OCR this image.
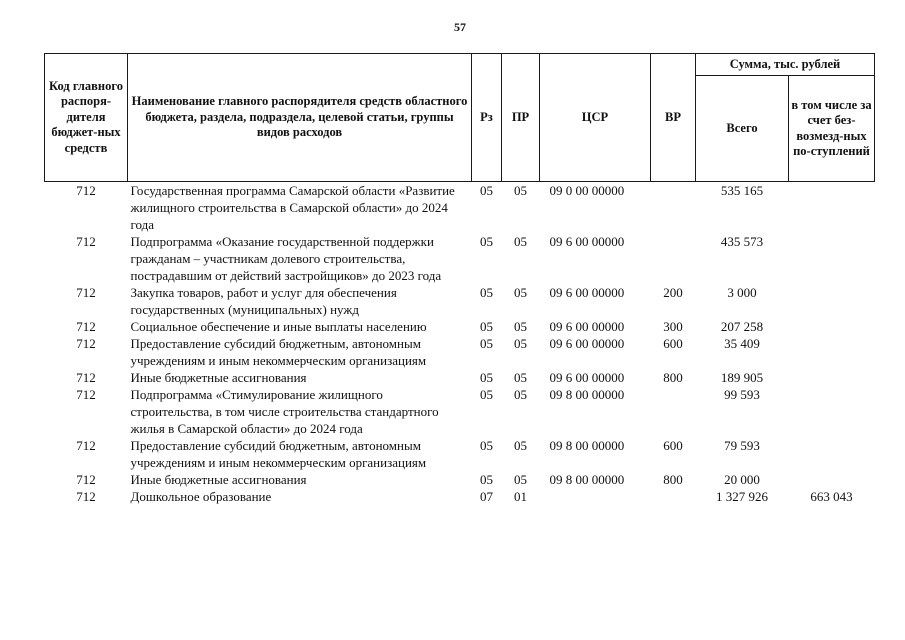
57
Код главного распоря-дителя бюджет-ных средств	Наименование главного распорядителя средств областного бюджета, раздела, подраздела, целевой статьи, группы видов расходов	Рз	ПР	ЦСР	ВР	Сумма, тыс. рублей	
						Всего	в том числе за счет без-возмезд-ных по-ступлений
712	Государственная программа Самарской области «Развитие жилищного строительства в Самарской области» до 2024 года	05	05	09 0 00 00000		535 165	
712	Подпрограмма «Оказание государственной поддержки гражданам – участникам долевого строительства, пострадавшим от действий застройщиков» до 2023 года	05	05	09 6 00 00000		435 573	
712	Закупка товаров, работ и услуг для обеспечения государственных (муниципальных) нужд	05	05	09 6 00 00000	200	3 000	
712	Социальное обеспечение и иные выплаты населению	05	05	09 6 00 00000	300	207 258	
712	Предоставление субсидий бюджетным, автономным учреждениям и иным некоммерческим организациям	05	05	09 6 00 00000	600	35 409	
712	Иные бюджетные ассигнования	05	05	09 6 00 00000	800	189 905	
712	Подпрограмма «Стимулирование жилищного строительства, в том числе строительства стандартного жилья в Самарской области» до 2024 года	05	05	09 8 00 00000		99 593	
712	Предоставление субсидий бюджетным, автономным учреждениям и иным некоммерческим организациям	05	05	09 8 00 00000	600	79 593	
712	Иные бюджетные ассигнования	05	05	09 8 00 00000	800	20 000	
712	Дошкольное образование	07	01			1 327 926	663 043
